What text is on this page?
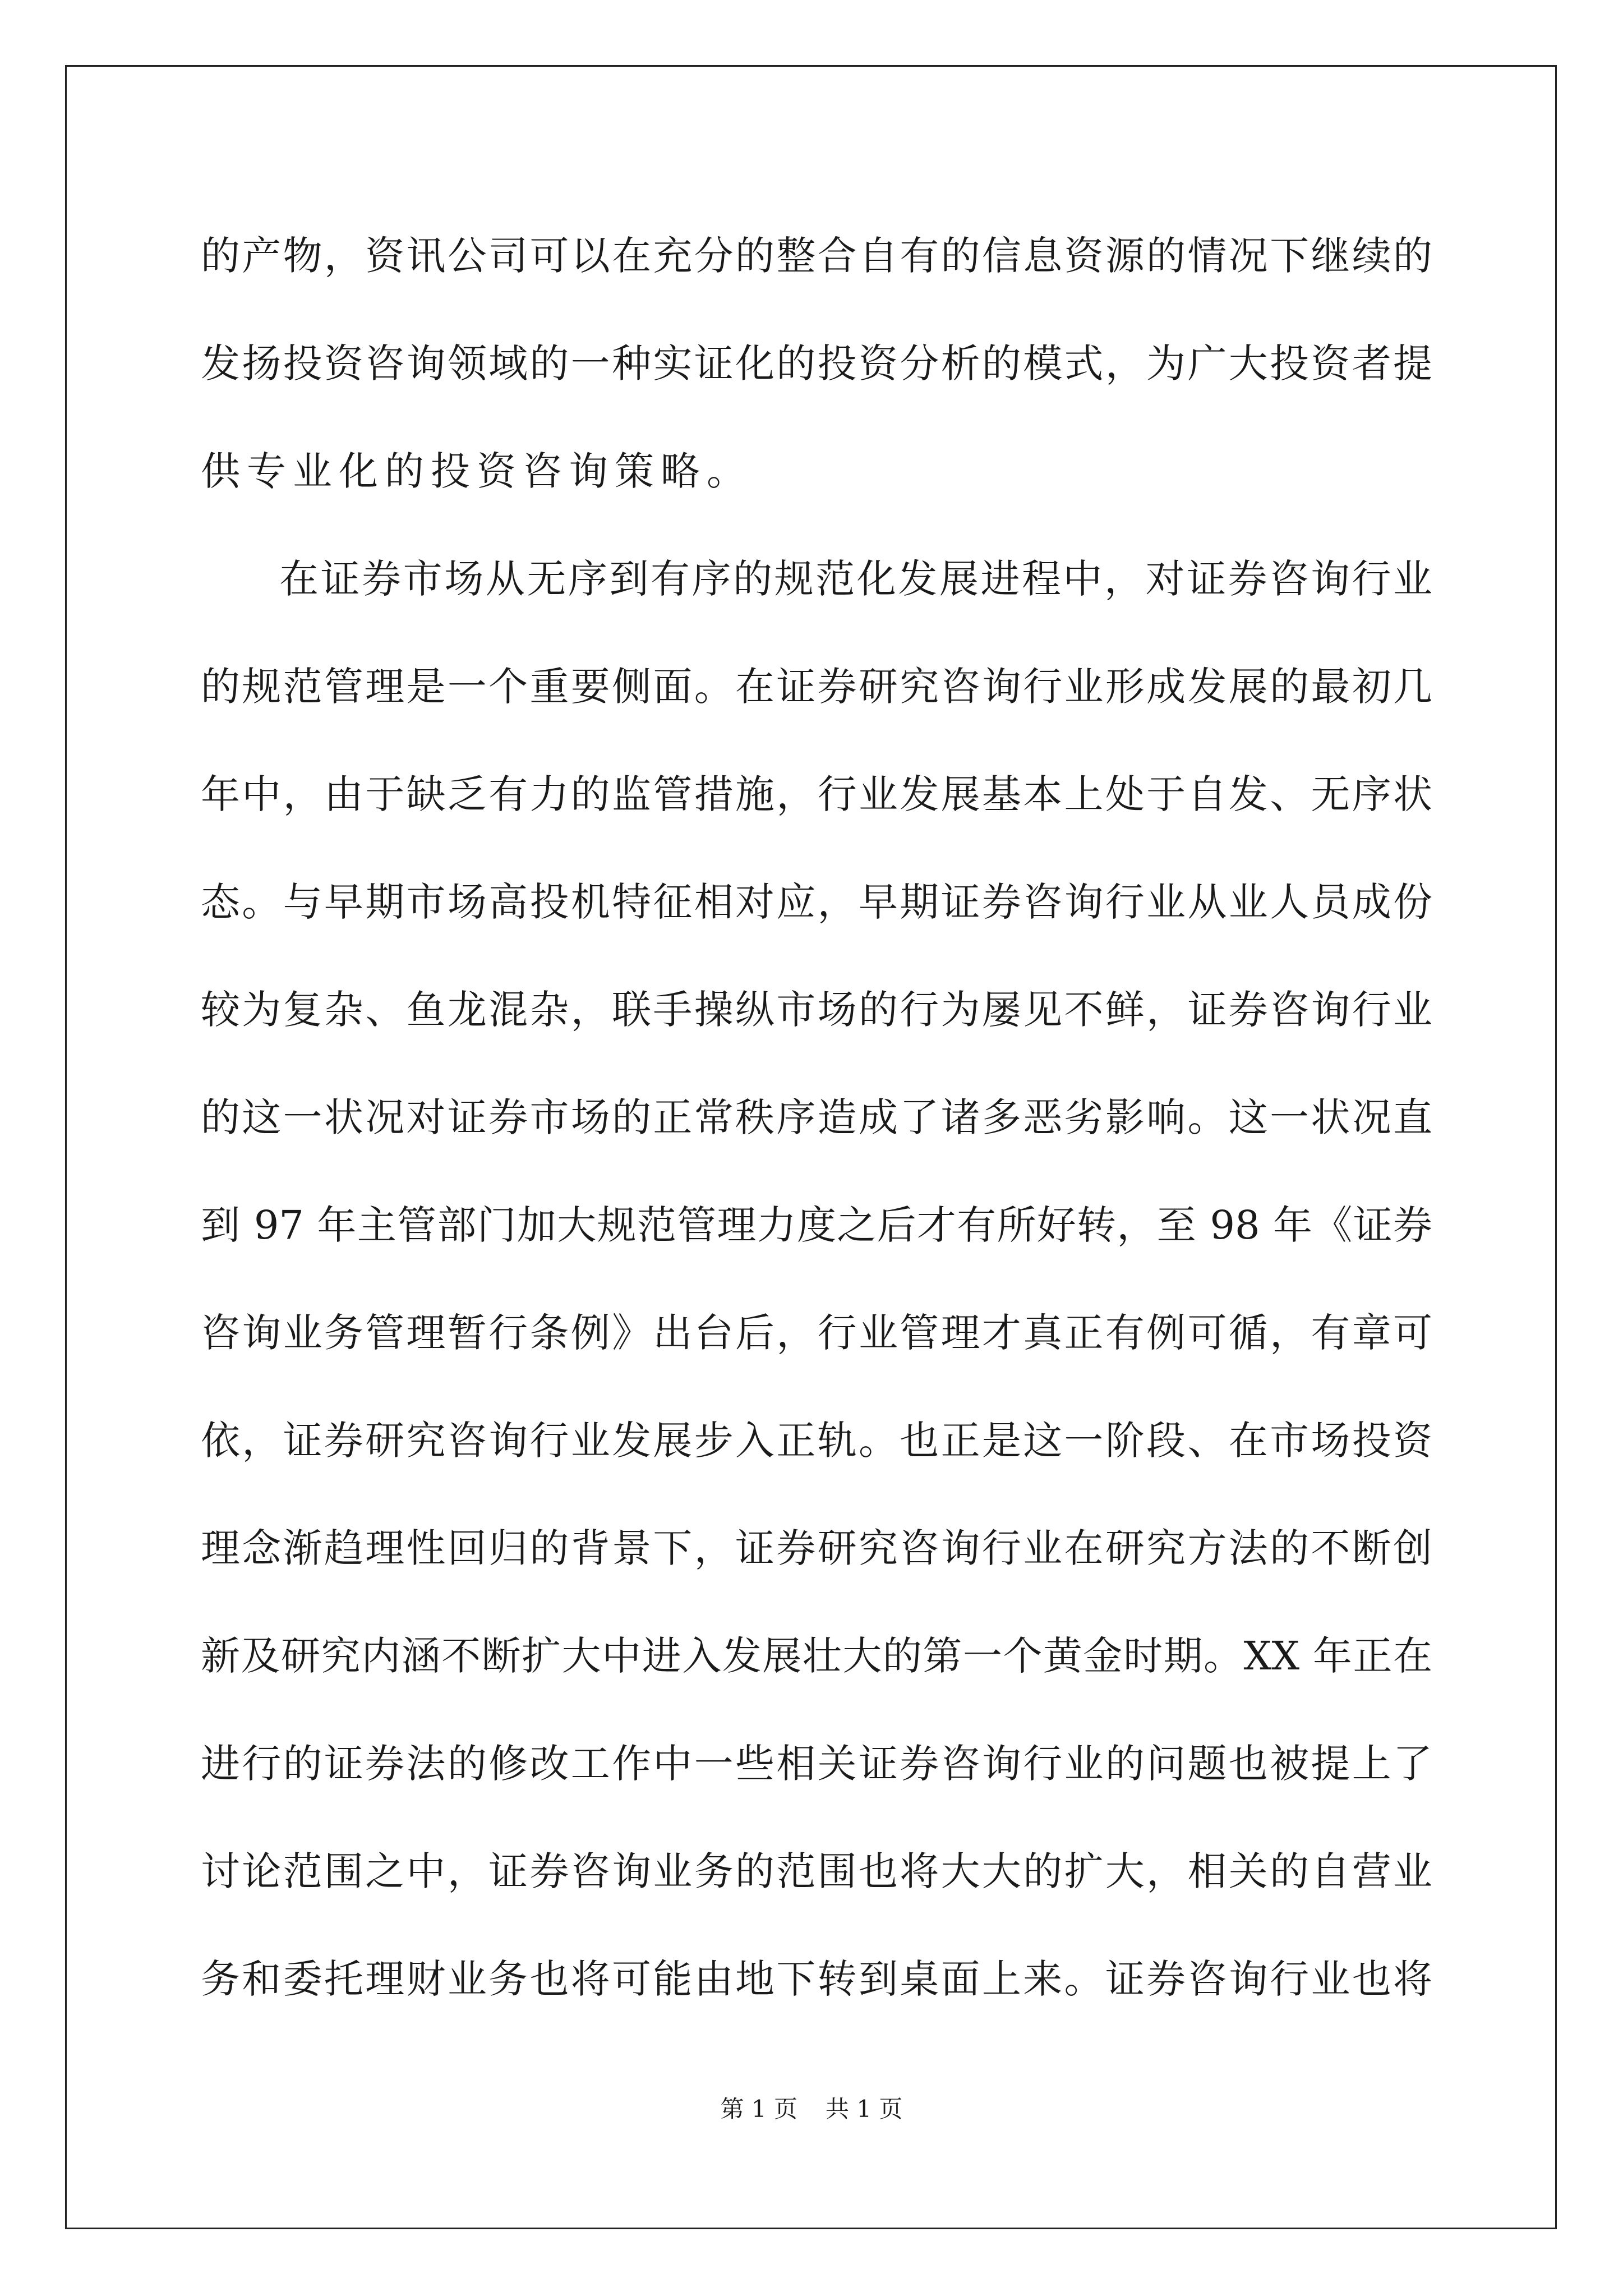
的产物，资讯公司可以在充分的整合自有的信息资源的情况下继续的
发扬投资咨询领域的一种实证化的投资分析的模式，为广大投资者提
供专业化的投资咨询策略。
在证券市场从无序到有序的规范化发展进程中，对证券咨询行业
的规范管理是一个重要侧面。在证券研究咨询行业形成发展的最初几
年中，由于缺乏有力的监管措施，行业发展基本上处于自发、无序状
态。与早期市场高投机特征相对应，早期证券咨询行业从业人员成份
较为复杂、鱼龙混杂，联手操纵市场的行为屡见不鲜，证券咨询行业
的这一状况对证券市场的正常秩序造成了诸多恶劣影响。这一状况直
到 97 年主管部门加大规范管理力度之后才有所好转，至 98 年《证券
咨询业务管理暂行条例》出台后，行业管理才真正有例可循，有章可
依，证券研究咨询行业发展步入正轨。也正是这一阶段、在市场投资
理念渐趋理性回归的背景下，证券研究咨询行业在研究方法的不断创
新及研究内涵不断扩大中进入发展壮大的第一个黄金时期。XX 年正在
进行的证券法的修改工作中一些相关证券咨询行业的问题也被提上了
讨论范围之中，证券咨询业务的范围也将大大的扩大，相关的自营业
务和委托理财业务也将可能由地下转到桌面上来。证券咨询行业也将
第 1 页 共 1 页
